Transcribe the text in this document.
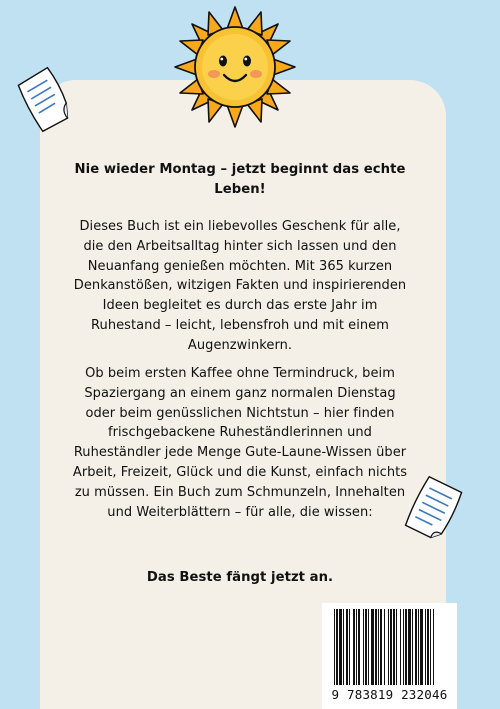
Nie wieder Montag – jetzt beginnt das echte Leben!
Dieses Buch ist ein liebevolles Geschenk für alle, die den Arbeitsalltag hinter sich lassen und den Neuanfang genießen möchten. Mit 365 kurzen Denkanstößen, witzigen Fakten und inspirierenden Ideen begleitet es durch das erste Jahr im Ruhestand – leicht, lebensfroh und mit einem Augenzwinkern.
Ob beim ersten Kaffee ohne Termindruck, beim Spaziergang an einem ganz normalen Dienstag oder beim genüsslichen Nichtstun – hier finden frischgebackene Ruheständlerinnen und Ruheständler jede Menge Gute-Laune-Wissen über Arbeit, Freizeit, Glück und die Kunst, einfach nichts zu müssen. Ein Buch zum Schmunzeln, Innehalten und Weiterblättern – für alle, die wissen:
Das Beste fängt jetzt an.
9 783819 232046
